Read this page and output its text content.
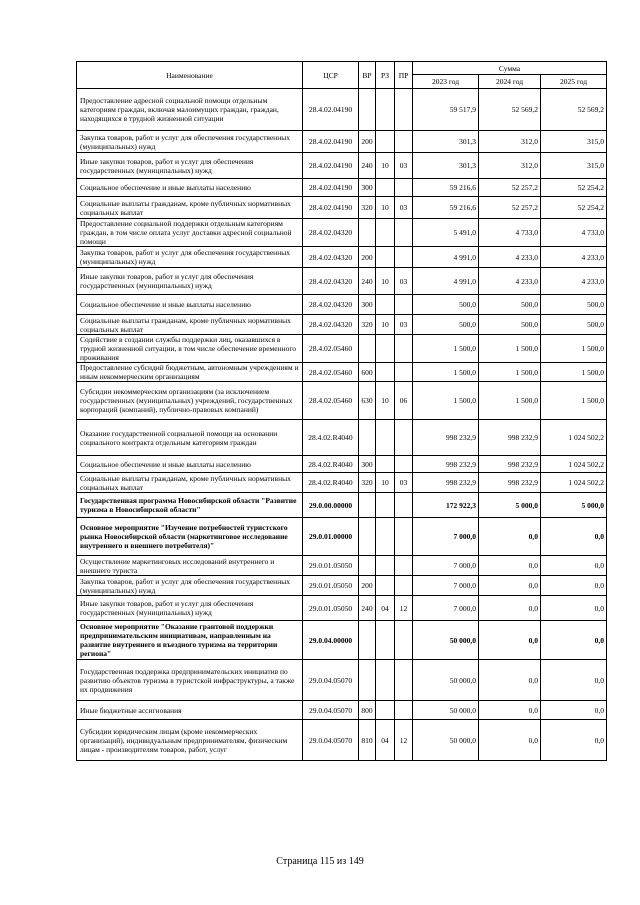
Наименование	ЦСР	ВР	РЗ	ПР	Сумма		
					2023 год	2024 год	2025 год
Предоставление адресной социальной помощи отдельным категориям граждан, включая малоимущих граждан, граждан, находящихся в трудной жизненной ситуации	28.4.02.04190				59 517,9	52 569,2	52 569,2
Закупка товаров, работ и услуг для обеспечения государственных (муниципальных) нужд	28.4.02.04190	200			301,3	312,0	315,0
Иные закупки товаров, работ и услуг для обеспечения государственных (муниципальных) нужд	28.4.02.04190	240	10	03	301,3	312,0	315,0
Социальное обеспечение и иные выплаты населению	28.4.02.04190	300			59 216,6	52 257,2	52 254,2
Социальные выплаты гражданам, кроме публичных нормативных социальных выплат	28.4.02.04190	320	10	03	59 216,6	52 257,2	52 254,2
Предоставление социальной поддержки отдельным категориям граждан, в том числе оплата услуг доставки адресной социальной помощи	28.4.02.04320				5 491,0	4 733,0	4 733,0
Закупка товаров, работ и услуг для обеспечения государственных (муниципальных) нужд	28.4.02.04320	200			4 991,0	4 233,0	4 233,0
Иные закупки товаров, работ и услуг для обеспечения государственных (муниципальных) нужд	28.4.02.04320	240	10	03	4 991,0	4 233,0	4 233,0
Социальное обеспечение и иные выплаты населению	28.4.02.04320	300			500,0	500,0	500,0
Социальные выплаты гражданам, кроме публичных нормативных социальных выплат	28.4.02.04320	320	10	03	500,0	500,0	500,0
Содействие в создании службы поддержки лиц, оказавшихся в трудной жизненной ситуации, в том числе обеспечение временного проживания	28.4.02.05460				1 500,0	1 500,0	1 500,0
Предоставление субсидий бюджетным, автономным учреждениям и иным некоммерческим организациям	28.4.02.05460	600			1 500,0	1 500,0	1 500,0
Субсидии некоммерческим организациям (за исключением государственных (муниципальных) учреждений, государственных корпораций (компаний), публично-правовых компаний)	28.4.02.05460	630	10	06	1 500,0	1 500,0	1 500,0
Оказание государственной социальной помощи на основании социального контракта отдельным категориям граждан	28.4.02.R4040				998 232,9	998 232,9	1 024 502,2
Социальное обеспечение и иные выплаты населению	28.4.02.R4040	300			998 232,9	998 232,9	1 024 502,2
Социальные выплаты гражданам, кроме публичных нормативных социальных выплат	28.4.02.R4040	320	10	03	998 232,9	998 232,9	1 024 502,2
Государственная программа Новосибирской области "Развитие туризма в Новосибирской области"	29.0.00.00000				172 922,3	5 000,0	5 000,0
Основное мероприятие "Изучение потребностей туристского рынка Новосибирской области (маркетинговое исследование внутреннего и внешнего потребителя)"	29.0.01.00000				7 000,0	0,0	0,0
Осуществление маркетинговых исследований внутреннего и внешнего туриста	29.0.01.05050				7 000,0	0,0	0,0
Закупка товаров, работ и услуг для обеспечения государственных (муниципальных) нужд	29.0.01.05050	200			7 000,0	0,0	0,0
Иные закупки товаров, работ и услуг для обеспечения государственных (муниципальных) нужд	29.0.01.05050	240	04	12	7 000,0	0,0	0,0
Основное мероприятие "Оказание грантовой поддержки предпринимательским инициативам, направленным на развитие внутреннего и въездного туризма на территории региона"	29.0.04.00000				50 000,0	0,0	0,0
Государственная поддержка предпринимательских инициатив по развитию объектов туризма в туристской инфраструктуры, а также их продвижения	29.0.04.05070				50 000,0	0,0	0,0
Иные бюджетные ассигнования	29.0.04.05070	800			50 000,0	0,0	0,0
Субсидии юридическим лицам (кроме некоммерческих организаций), индивидуальным предпринимателям, физическим лицам - производителям товаров, работ, услуг	29.0.04.05070	810	04	12	50 000,0	0,0	0,0
Страница 115 из 149
